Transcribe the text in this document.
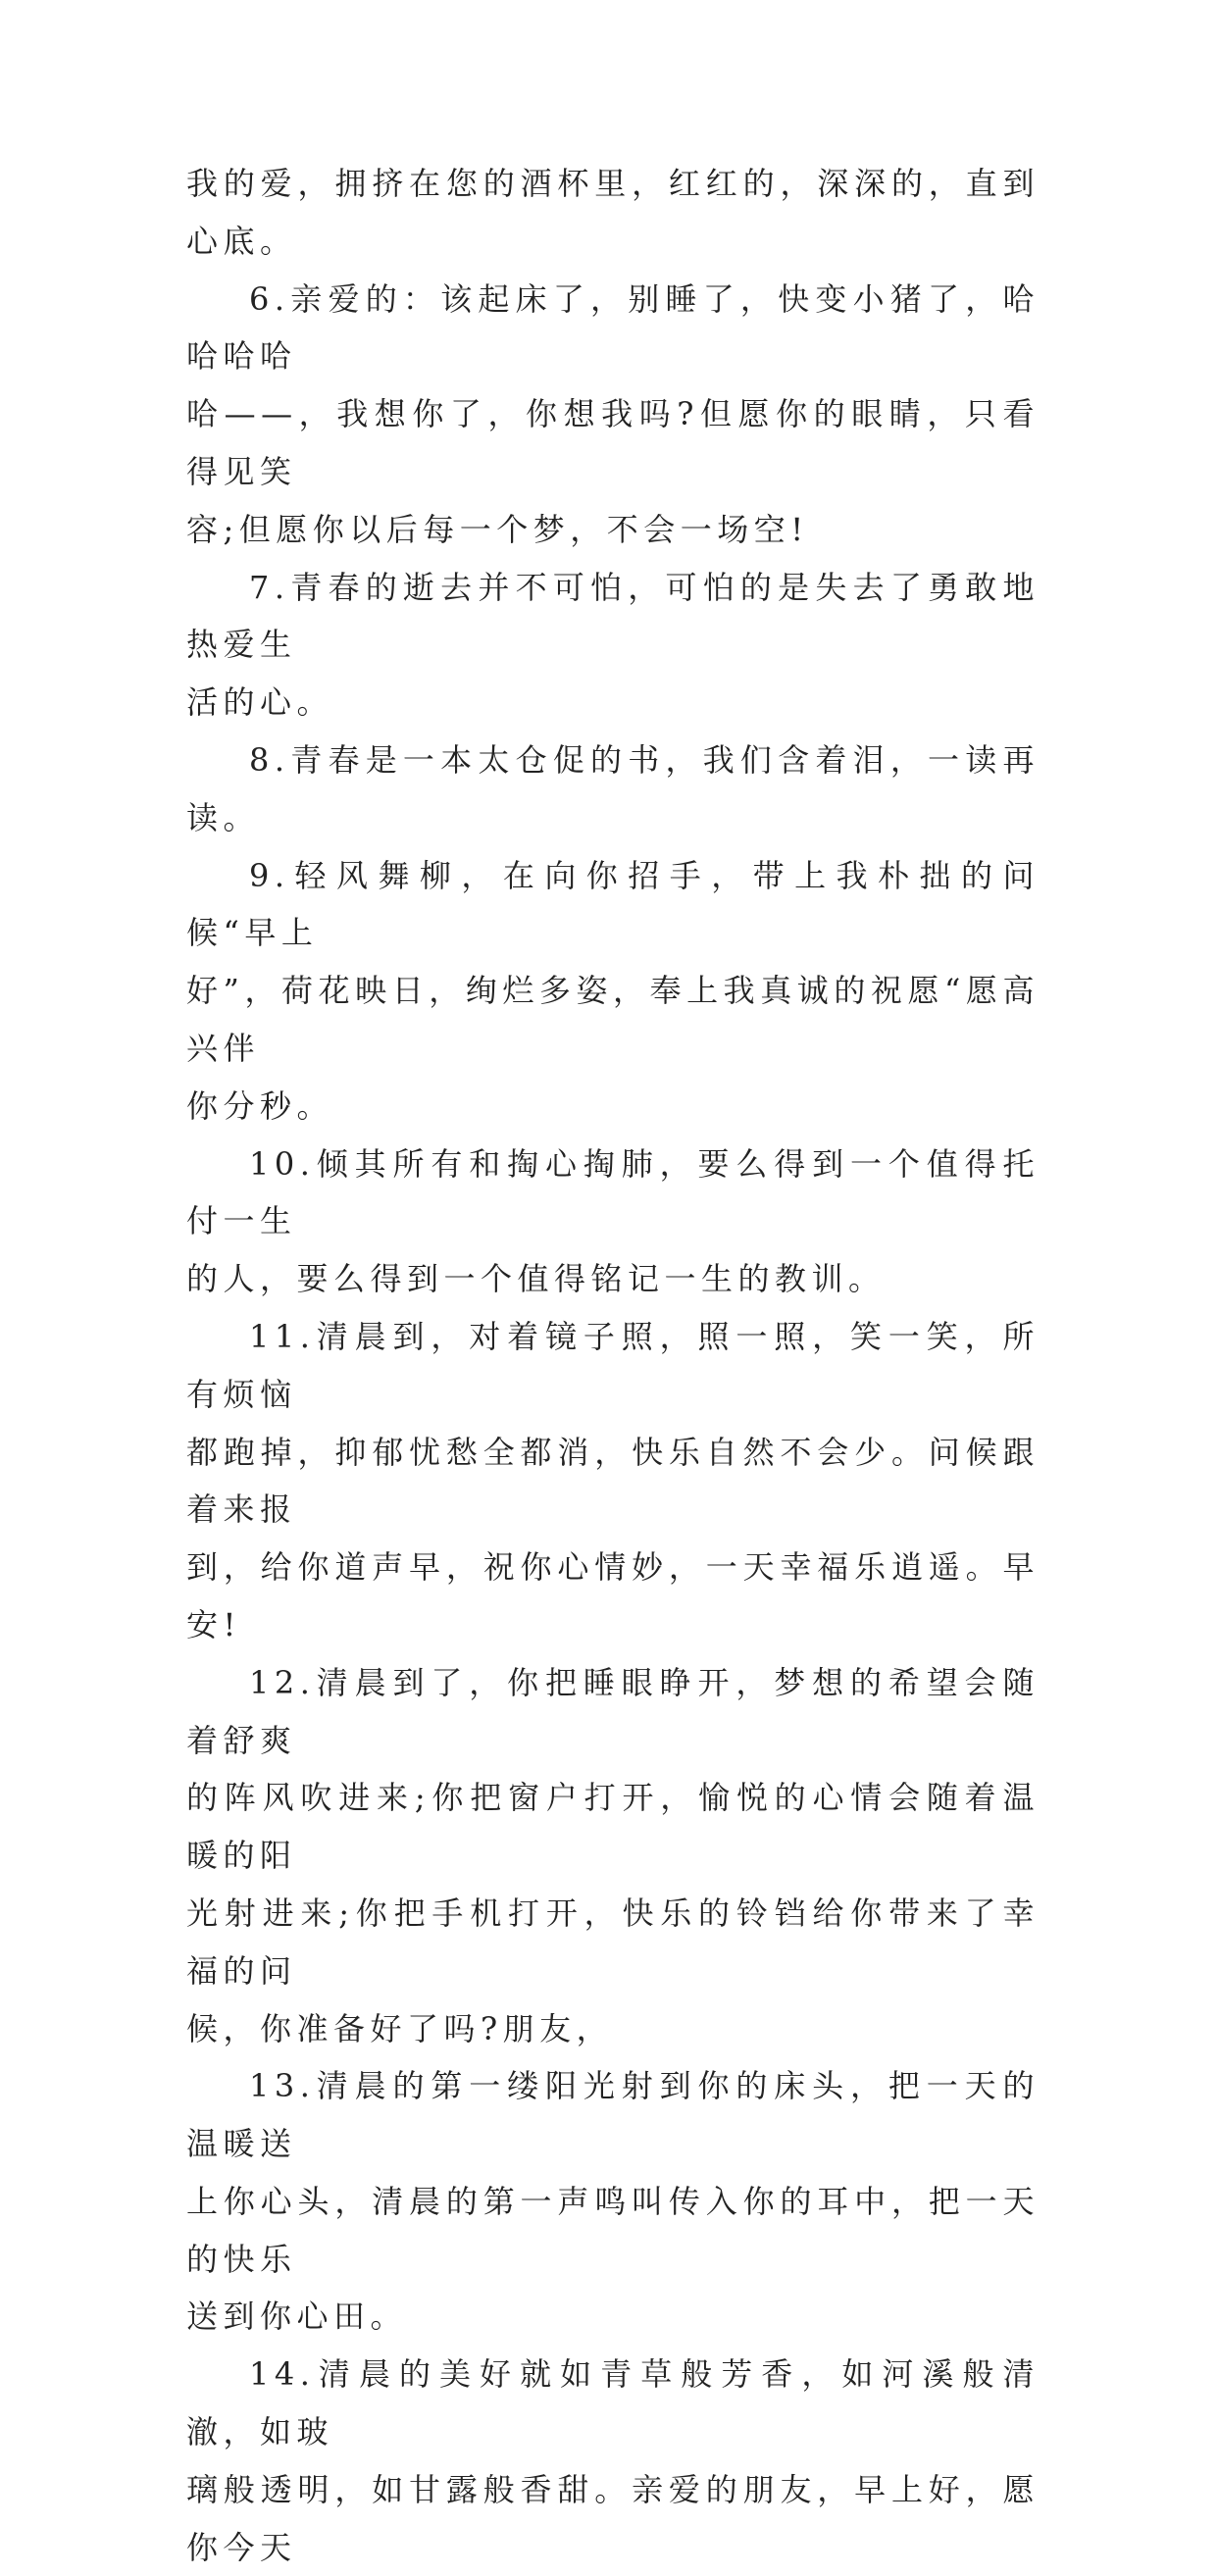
我的爱，拥挤在您的酒杯里，红红的，深深的，直到心底。

6.亲爱的：该起床了，别睡了，快变小猪了，哈哈哈哈
哈——，我想你了，你想我吗?但愿你的眼睛，只看得见笑
容;但愿你以后每一个梦，不会一场空!

7.青春的逝去并不可怕，可怕的是失去了勇敢地热爱生
活的心。

8.青春是一本太仓促的书，我们含着泪，一读再读。

9.轻风舞柳，在向你招手，带上我朴拙的问候“早上
好”，荷花映日，绚烂多姿，奉上我真诚的祝愿“愿高兴伴
你分秒。

10.倾其所有和掏心掏肺，要么得到一个值得托付一生
的人，要么得到一个值得铭记一生的教训。

11.清晨到，对着镜子照，照一照，笑一笑，所有烦恼
都跑掉，抑郁忧愁全都消，快乐自然不会少。问候跟着来报
到，给你道声早，祝你心情妙，一天幸福乐逍遥。早安!

12.清晨到了，你把睡眼睁开，梦想的希望会随着舒爽
的阵风吹进来;你把窗户打开，愉悦的心情会随着温暖的阳
光射进来;你把手机打开，快乐的铃铛给你带来了幸福的问
候，你准备好了吗?朋友，

13.清晨的第一缕阳光射到你的床头，把一天的温暖送
上你心头，清晨的第一声鸣叫传入你的耳中，把一天的快乐
送到你心田。

14.清晨的美好就如青草般芳香，如河溪般清澈，如玻
璃般透明，如甘露般香甜。亲爱的朋友，早上好，愿你今天
